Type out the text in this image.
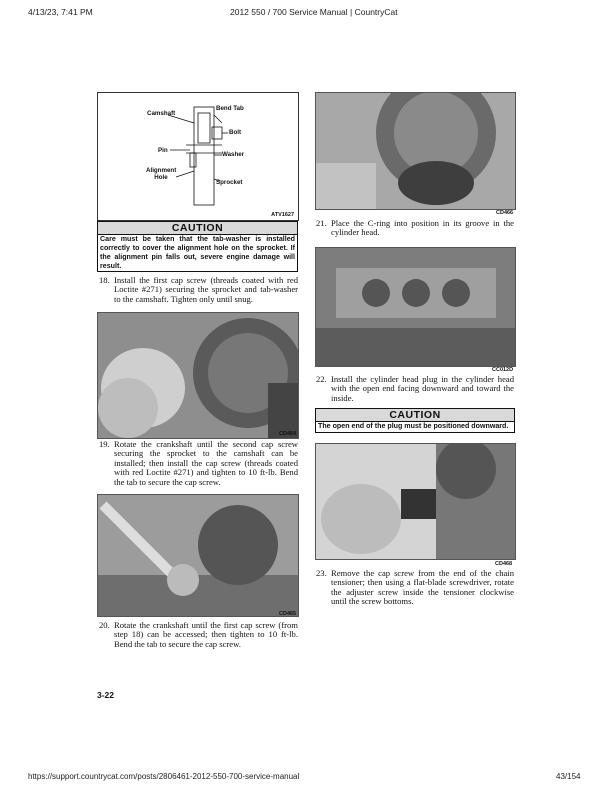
4/13/23, 7:41 PM	2012 550 / 700 Service Manual | CountryCat
Camshaft
Bend Tab
Bolt
Pin
Washer
Alignment Hole
Sprocket
ATV1627
CAUTION
Care must be taken that the tab-washer is installed correctly to cover the alignment hole on the sprocket. If the alignment pin falls out, severe engine damage will result.
18. Install the first cap screw (threads coated with red Loctite #271) securing the sprocket and tab-washer to the camshaft. Tighten only until snug.
CD464
19. Rotate the crankshaft until the second cap screw securing the sprocket to the camshaft can be installed; then install the cap screw (threads coated with red Loctite #271) and tighten to 10 ft-lb. Bend the tab to secure the cap screw.
CD465
20. Rotate the crankshaft until the first cap screw (from step 18) can be accessed; then tighten to 10 ft-lb. Bend the tab to secure the cap screw.
CD466
21. Place the C-ring into position in its groove in the cylinder head.
CC012D
22. Install the cylinder head plug in the cylinder head with the open end facing downward and toward the inside.
CAUTION
The open end of the plug must be positioned downward.
CD468
23. Remove the cap screw from the end of the chain tensioner; then using a flat-blade screwdriver, rotate the adjuster screw inside the tensioner clockwise until the screw bottoms.
3-22
https://support.countrycat.com/posts/2806461-2012-550-700-service-manual	43/154
